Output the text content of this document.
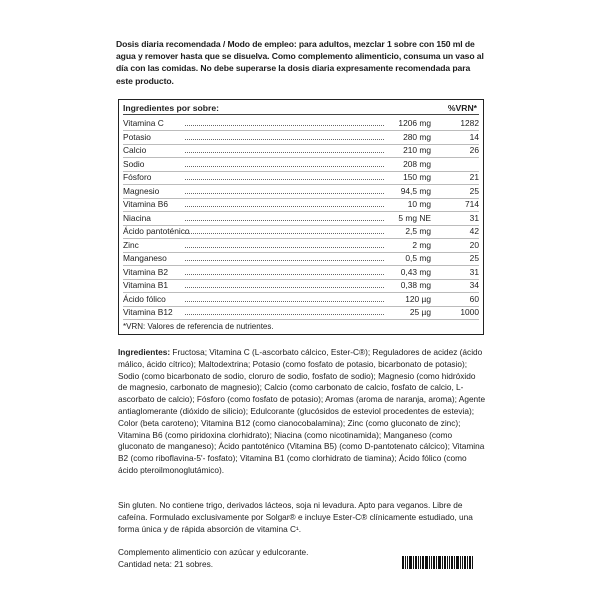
Dosis diaria recomendada / Modo de empleo: para adultos, mezclar 1 sobre con 150 ml de agua y remover hasta que se disuelva. Como complemento alimenticio, consuma un vaso al día con las comidas. No debe superarse la dosis diaria expresamente recomendada para este producto.

Ingredientes por sobre:	%VRN*
Vitamina C	1206 mg	1282
Potasio	280 mg	14
Calcio	210 mg	26
Sodio	208 mg
Fósforo	150 mg	21
Magnesio	94,5 mg	25
Vitamina B6	10 mg	714
Niacina	5 mg NE	31
Ácido pantoténico	2,5 mg	42
Zinc	2 mg	20
Manganeso	0,5 mg	25
Vitamina B2	0,43 mg	31
Vitamina B1	0,38 mg	34
Ácido fólico	120 µg	60
Vitamina B12	25 µg	1000
*VRN: Valores de referencia de nutrientes.

Ingredientes: Fructosa; Vitamina C (L-ascorbato cálcico, Ester-C®); Reguladores de acidez (ácido málico, ácido cítrico); Maltodextrina; Potasio (como fosfato de potasio, bicarbonato de potasio); Sodio (como bicarbonato de sodio, cloruro de sodio, fosfato de sodio); Magnesio (como hidróxido de magnesio, carbonato de magnesio); Calcio (como carbonato de calcio, fosfato de calcio, L-ascorbato de calcio); Fósforo (como fosfato de potasio); Aromas (aroma de naranja, aroma); Agente antiaglomerante (dióxido de silicio); Edulcorante (glucósidos de esteviol procedentes de estevia); Color (beta caroteno); Vitamina B12 (como cianocobalamina); Zinc (como gluconato de zinc); Vitamina B6 (como piridoxina clorhidrato); Niacina (como nicotinamida); Manganeso (como gluconato de manganeso); Ácido pantoténico (Vitamina B5) (como D-pantotenato cálcico); Vitamina B2 (como riboflavina-5'- fosfato); Vitamina B1 (como clorhidrato de tiamina); Ácido fólico (como ácido pteroilmonoglutámico).

Sin gluten. No contiene trigo, derivados lácteos, soja ni levadura. Apto para veganos. Libre de cafeína. Formulado exclusivamente por Solgar® e incluye Ester-C® clínicamente estudiado, una forma única y de rápida absorción de vitamina C¹.

Complemento alimenticio con azúcar y edulcorante.
Cantidad neta: 21 sobres.
